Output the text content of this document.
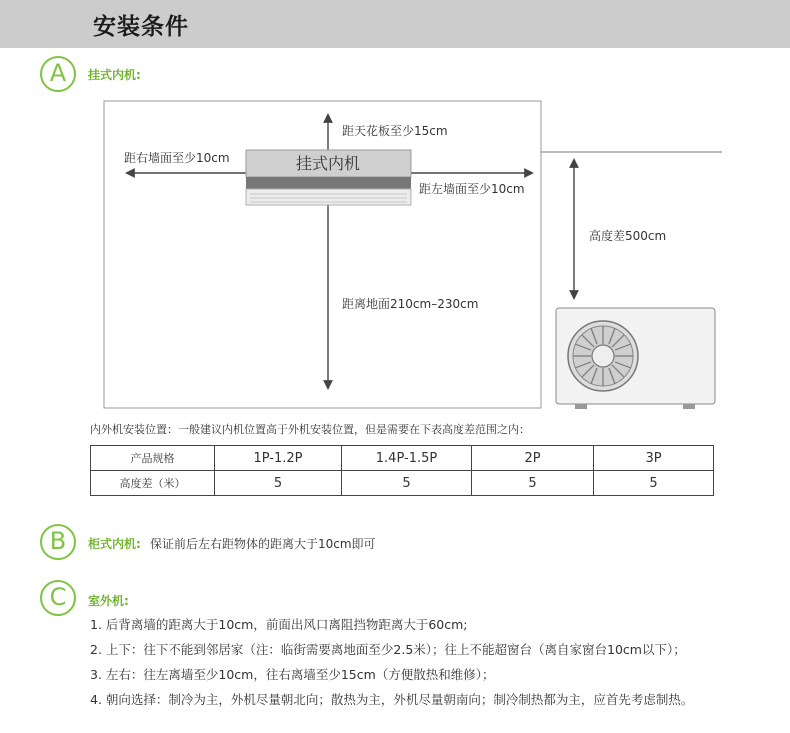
安装条件
A	挂式内机:
挂式内机
距天花板至少15cm
距右墙面至少10cm
距左墙面至少10cm
距离地面210cm–230cm
高度差500cm
内外机安装位置：一般建议内机位置高于外机安装位置，但是需要在下表高度差范围之内：
产品规格	1P-1.2P	1.4P-1.5P	2P	3P
高度差（米）	5	5	5	5
B	柜式内机: 保证前后左右距物体的距离大于10cm即可
C	室外机:
1. 后背离墙的距离大于10cm，前面出风口离阻挡物距离大于60cm;
2. 上下：往下不能到邻居家（注：临街需要离地面至少2.5米）；往上不能超窗台（离自家窗台10cm以下）；
3. 左右：往左离墙至少10cm，往右离墙至少15cm（方便散热和维修）；
4. 朝向选择：制冷为主，外机尽量朝北向；散热为主，外机尽量朝南向；制冷制热都为主，应首先考虑制热。
